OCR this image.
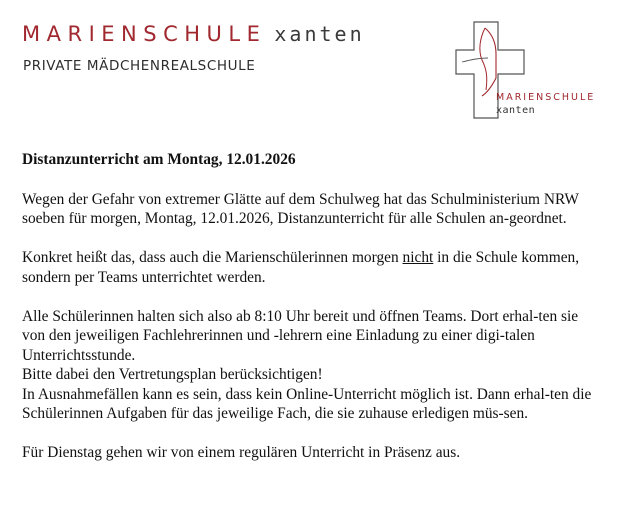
MARIENSCHULE xanten
PRIVATE MÄDCHENREALSCHULE
MARIENSCHULE
xanten
Distanzunterricht am Montag, 12.01.2026

Wegen der Gefahr von extremer Glätte auf dem Schulweg hat das Schulministerium NRW soeben für morgen, Montag, 12.01.2026, Distanzunterricht für alle Schulen an-geordnet.

Konkret heißt das, dass auch die Marienschülerinnen morgen nicht in die Schule kommen, sondern per Teams unterrichtet werden.

Alle Schülerinnen halten sich also ab 8:10 Uhr bereit und öffnen Teams. Dort erhal-ten sie von den jeweiligen Fachlehrerinnen und -lehrern eine Einladung zu einer digi-talen Unterrichtsstunde.
Bitte dabei den Vertretungsplan berücksichtigen!
In Ausnahmefällen kann es sein, dass kein Online-Unterricht möglich ist. Dann erhal-ten die Schülerinnen Aufgaben für das jeweilige Fach, die sie zuhause erledigen müs-sen.

Für Dienstag gehen wir von einem regulären Unterricht in Präsenz aus.
